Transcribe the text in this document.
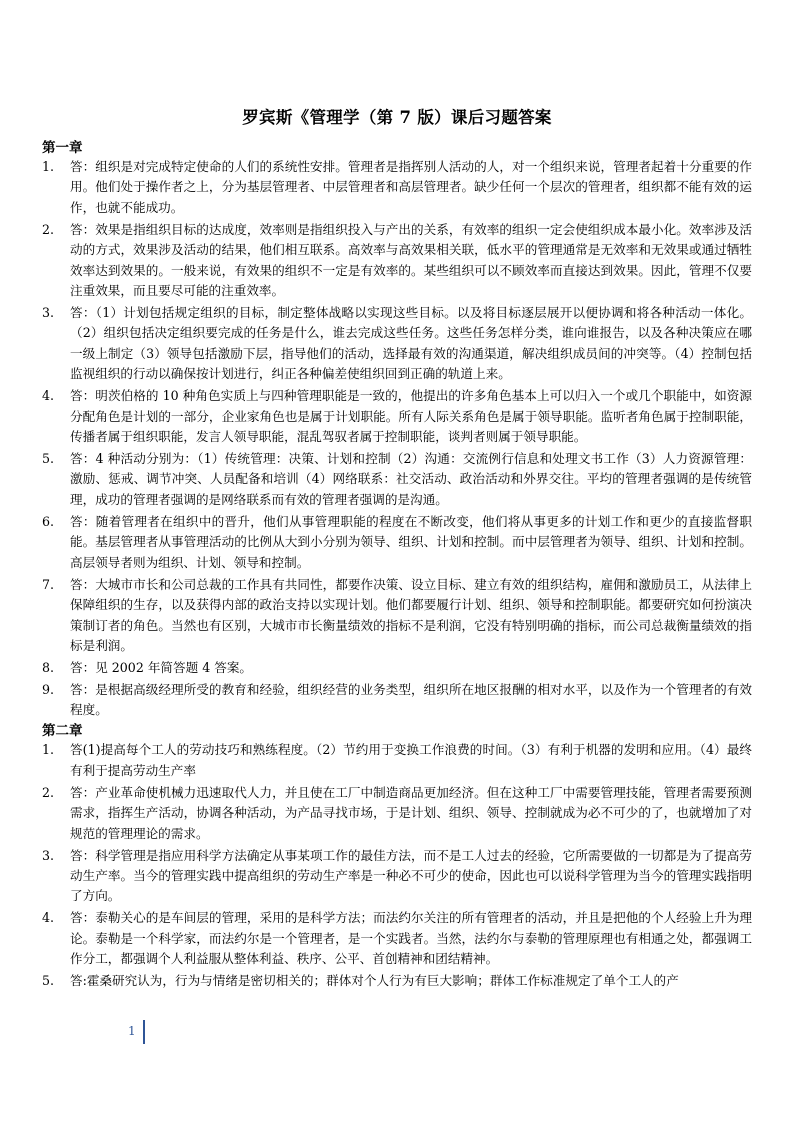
罗宾斯《管理学（第 7 版）课后习题答案
第一章
1.	答：组织是对完成特定使命的人们的系统性安排。管理者是指挥别人活动的人，对一个组织来说，管理者起着十分重要的作用。他们处于操作者之上，分为基层管理者、中层管理者和高层管理者。缺少任何一个层次的管理者，组织都不能有效的运作，也就不能成功。
2.	答：效果是指组织目标的达成度，效率则是指组织投入与产出的关系，有效率的组织一定会使组织成本最小化。效率涉及活动的方式，效果涉及活动的结果，他们相互联系。高效率与高效果相关联，低水平的管理通常是无效率和无效果或通过牺牲效率达到效果的。一般来说，有效果的组织不一定是有效率的。某些组织可以不顾效率而直接达到效果。因此，管理不仅要注重效果，而且要尽可能的注重效率。
3.	答：（1）计划包括规定组织的目标，制定整体战略以实现这些目标。以及将目标逐层展开以便协调和将各种活动一体化。（2）组织包括决定组织要完成的任务是什么，谁去完成这些任务。这些任务怎样分类，谁向谁报告，以及各种决策应在哪一级上制定（3）领导包括激励下层，指导他们的活动，选择最有效的沟通渠道，解决组织成员间的冲突等。（4）控制包括监视组织的行动以确保按计划进行，纠正各种偏差使组织回到正确的轨道上来。
4.	答：明茨伯格的 10 种角色实质上与四种管理职能是一致的，他提出的许多角色基本上可以归入一个或几个职能中，如资源分配角色是计划的一部分，企业家角色也是属于计划职能。所有人际关系角色是属于领导职能。监听者角色属于控制职能，传播者属于组织职能，发言人领导职能，混乱驾驭者属于控制职能，谈判者则属于领导职能。
5.	答：4 种活动分别为：（1）传统管理：决策、计划和控制（2）沟通：交流例行信息和处理文书工作（3）人力资源管理：激励、惩戒、调节冲突、人员配备和培训（4）网络联系：社交活动、政治活动和外界交往。平均的管理者强调的是传统管理，成功的管理者强调的是网络联系而有效的管理者强调的是沟通。
6.	答：随着管理者在组织中的晋升，他们从事管理职能的程度在不断改变，他们将从事更多的计划工作和更少的直接监督职能。基层管理者从事管理活动的比例从大到小分别为领导、组织、计划和控制。而中层管理者为领导、组织、计划和控制。高层领导者则为组织、计划、领导和控制。
7.	答：大城市市长和公司总裁的工作具有共同性，都要作决策、设立目标、建立有效的组织结构，雇佣和激励员工，从法律上保障组织的生存，以及获得内部的政治支持以实现计划。他们都要履行计划、组织、领导和控制职能。都要研究如何扮演决策制订者的角色。当然也有区别，大城市市长衡量绩效的指标不是利润，它没有特别明确的指标，而公司总裁衡量绩效的指标是利润。
8.	答：见 2002 年简答题 4 答案。
9.	答：是根据高级经理所受的教育和经验，组织经营的业务类型，组织所在地区报酬的相对水平，以及作为一个管理者的有效程度。
第二章
1.	答(1)提高每个工人的劳动技巧和熟练程度。（2）节约用于变换工作浪费的时间。（3）有利于机器的发明和应用。（4）最终有利于提高劳动生产率
2.	答：产业革命使机械力迅速取代人力，并且使在工厂中制造商品更加经济。但在这种工厂中需要管理技能，管理者需要预测需求，指挥生产活动，协调各种活动，为产品寻找市场，于是计划、组织、领导、控制就成为必不可少的了，也就增加了对规范的管理理论的需求。
3.	答：科学管理是指应用科学方法确定从事某项工作的最佳方法，而不是工人过去的经验，它所需要做的一切都是为了提高劳动生产率。当今的管理实践中提高组织的劳动生产率是一种必不可少的使命，因此也可以说科学管理为当今的管理实践指明了方向。
4.	答：泰勒关心的是车间层的管理，采用的是科学方法；而法约尔关注的所有管理者的活动，并且是把他的个人经验上升为理论。泰勒是一个科学家，而法约尔是一个管理者，是一个实践者。当然，法约尔与泰勒的管理原理也有相通之处，都强调工作分工，都强调个人利益服从整体利益、秩序、公平、首创精神和团结精神。
5.	答:霍桑研究认为，行为与情绪是密切相关的；群体对个人行为有巨大影响；群体工作标准规定了单个工人的产
1
